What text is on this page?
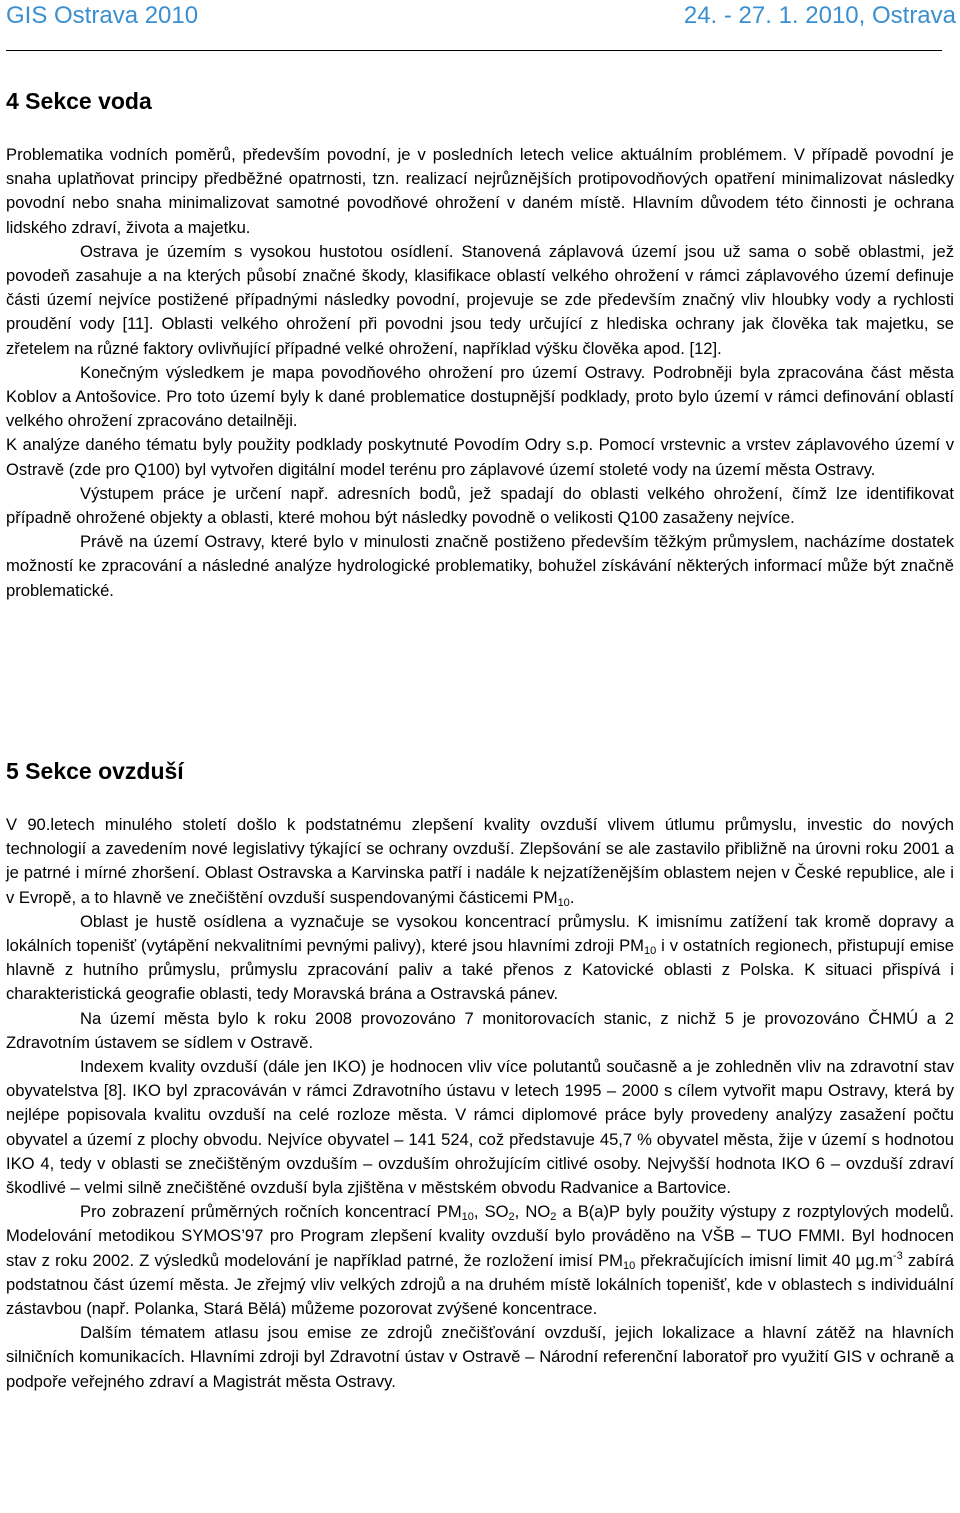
GIS Ostrava 2010	24. - 27. 1. 2010, Ostrava
4 Sekce voda

Problematika vodních poměrů, především povodní, je v posledních letech velice aktuálním problémem. V případě povodní je snaha uplatňovat principy předběžné opatrnosti, tzn. realizací nejrůznějších protipovodňových opatření minimalizovat následky povodní nebo snaha minimalizovat samotné povodňové ohrožení v daném místě. Hlavním důvodem této činnosti je ochrana lidského zdraví, života a majetku.

Ostrava je územím s vysokou hustotou osídlení. Stanovená záplavová území jsou už sama o sobě oblastmi, jež povodeň zasahuje a na kterých působí značné škody, klasifikace oblastí velkého ohrožení v rámci záplavového území definuje části území nejvíce postižené případnými následky povodní, projevuje se zde především značný vliv hloubky vody a rychlosti proudění vody [11]. Oblasti velkého ohrožení při povodni jsou tedy určující z hlediska ochrany jak člověka tak majetku, se zřetelem na různé faktory ovlivňující případné velké ohrožení, například výšku člověka apod. [12].

Konečným výsledkem je mapa povodňového ohrožení pro území Ostravy. Podrobněji byla zpracována část města Koblov a Antošovice. Pro toto území byly k dané problematice dostupnější podklady, proto bylo území v rámci definování oblastí velkého ohrožení zpracováno detailněji.

K analýze daného tématu byly použity podklady poskytnuté Povodím Odry s.p. Pomocí vrstevnic a vrstev záplavového území v Ostravě (zde pro Q100) byl vytvořen digitální model terénu pro záplavové území stoleté vody na území města Ostravy.

Výstupem práce je určení např. adresních bodů, jež spadají do oblasti velkého ohrožení, čímž lze identifikovat případně ohrožené objekty a oblasti, které mohou být následky povodně o velikosti Q100 zasaženy nejvíce.

Právě na území Ostravy, které bylo v minulosti značně postiženo především těžkým průmyslem, nacházíme dostatek možností ke zpracování a následné analýze hydrologické problematiky, bohužel získávání některých informací může být značně problematické.

5 Sekce ovzduší

V 90.letech minulého století došlo k podstatnému zlepšení kvality ovzduší vlivem útlumu průmyslu, investic do nových technologií a zavedením nové legislativy týkající se ochrany ovzduší. Zlepšování se ale zastavilo přibližně na úrovni roku 2001 a je patrné i mírné zhoršení. Oblast Ostravska a Karvinska patří i nadále k nejzatíženějším oblastem nejen v České republice, ale i v Evropě, a to hlavně ve znečištění ovzduší suspendovanými částicemi $PM_{10}$.

Oblast je hustě osídlena a vyznačuje se vysokou koncentrací průmyslu. K imisnímu zatížení tak kromě dopravy a lokálních topenišť (vytápění nekvalitními pevnými palivy), které jsou hlavními zdroji $PM_{10}$ i v ostatních regionech, přistupují emise hlavně z hutního průmyslu, průmyslu zpracování paliv a také přenos z Katovické oblasti z Polska. K situaci přispívá i charakteristická geografie oblasti, tedy Moravská brána a Ostravská pánev.

Na území města bylo k roku 2008 provozováno 7 monitorovacích stanic, z nichž 5 je provozováno ČHMÚ a 2 Zdravotním ústavem se sídlem v Ostravě.

Indexem kvality ovzduší (dále jen IKO) je hodnocen vliv více polutantů současně a je zohledněn vliv na zdravotní stav obyvatelstva [8]. IKO byl zpracováván v rámci Zdravotního ústavu v letech 1995 – 2000 s cílem vytvořit mapu Ostravy, která by nejlépe popisovala kvalitu ovzduší na celé rozloze města. V rámci diplomové práce byly provedeny analýzy zasažení počtu obyvatel a území z plochy obvodu. Nejvíce obyvatel – 141 524, což představuje 45,7 % obyvatel města, žije v území s hodnotou IKO 4, tedy v oblasti se znečištěným ovzduším – ovzduším ohrožujícím citlivé osoby. Nejvyšší hodnota IKO 6 – ovzduší zdraví škodlivé – velmi silně znečištěné ovzduší byla zjištěna v městském obvodu Radvanice a Bartovice.

Pro zobrazení průměrných ročních koncentrací $PM_{10}$, $SO_2$, $NO_2$ a B(a)P byly použity výstupy z rozptylových modelů. Modelování metodikou SYMOS’97 pro Program zlepšení kvality ovzduší bylo prováděno na VŠB – TUO FMMI. Byl hodnocen stav z roku 2002. Z výsledků modelování je například patrné, že rozložení imisí $PM_{10}$ překračujících imisní limit 40 $\mu g.m^{-3}$ zabírá podstatnou část území města. Je zřejmý vliv velkých zdrojů a na druhém místě lokálních topenišť, kde v oblastech s individuální zástavbou (např. Polanka, Stará Bělá) můžeme pozorovat zvýšené koncentrace.

Dalším tématem atlasu jsou emise ze zdrojů znečišťování ovzduší, jejich lokalizace a hlavní zátěž na hlavních silničních komunikacích. Hlavními zdroji byl Zdravotní ústav v Ostravě – Národní referenční laboratoř pro využití GIS v ochraně a podpoře veřejného zdraví a Magistrát města Ostravy.
